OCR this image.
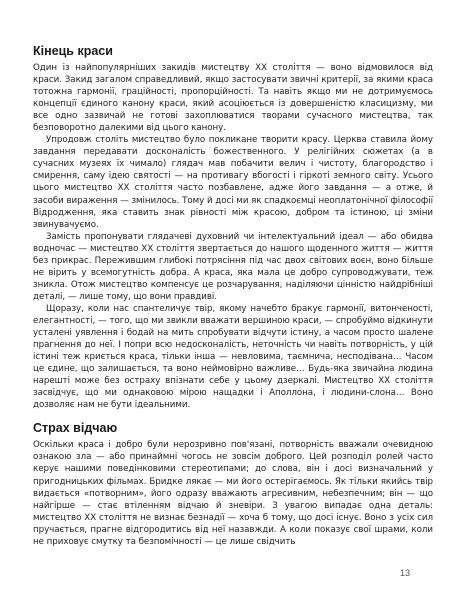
Кінець краси

Один із найпопулярніших закидів мистецтву XX століття — воно відмовилося від краси. Закид загалом справедливий, якщо застосувати звичні критерії, за якими краса тотожна гармонії, граційності, пропорційності. Та навіть якщо ми не дотримуємось концепції єдиного канону краси, який асоціюється із довершеністю класицизму, ми все одно зазвичай не готові захоплюватися творами сучасного мистецтва, так безповоротно далекими від цього канону.

Упродовж століть мистецтво було покликане творити красу. Церква ставила йому завдання передавати досконалість божественного. У релігійних сюжетах (а в сучасних музеях їх чимало) глядач мав побачити велич і чистоту, благородство і смирення, саму ідею святості — на противагу вбогості і гіркоті земного світу. Усього цього мистецтво XX століття часто позбавлене, адже його завдання — а отже, й засоби вираження — змінилось. Тому й досі ми як спадкоємці неоплатонічної філософії Відродження, яка ставить знак рівності між красою, добром та істиною, ці зміни звинувачуємо.

Замість пропонувати глядачеві духовний чи інтелектуальний ідеал — або обидва водночас — мистецтво XX століття звертається до нашого щоденного життя — життя без прикрас. Пережившим глибокі потрясіння під час двох світових воєн, воно більше не вірить у всемогутність добра. А краса, яка мала це добро супроводжувати, теж зникла. Отож мистецтво компенсує це розчарування, наділяючи цінністю найдрібніші деталі, — лише тому, що вони правдиві.

Щоразу, коли нас спантеличує твір, якому начебто бракує гармонії, витонченості, елегантності, — того, що ми звикли вважати вершиною краси, — спробуймо відкинути усталені уявлення і бодай на мить спробувати відчути істину, а часом просто шалене прагнення до неї. І попри всю недосконалість, неточність чи навіть потворність, у цій істині теж криється краса, тільки інша — невловима, таємнича, несподівана… Часом це єдине, що залишається, та воно неймовірно важливе… Будь-яка звичайна людина нарешті може без остраху впізнати себе у цьому дзеркалі. Мистецтво XX століття засвідчує, що ми однаковою мірою нащадки і Аполлона, і людини-слона… Воно дозволяє нам не бути ідеальними.

Страх відчаю

Оскільки краса і добро були нерозривно пов'язані, потворність вважали очевидною ознакою зла — або принаймні чогось не зовсім доброго. Цей розподіл ролей часто керує нашими поведінковими стереотипами; до слова, він і досі визначальний у пригодницьких фільмах. Бридке лякає — ми його остерігаємось. Як тільки якийсь твір видається «потворним», його одразу вважають агресивним, небезпечним; він — що найгірше — стає втіленням відчаю й зневіри. З увагою випадає одна деталь: мистецтво XX століття не визнає безнадії — хоча б тому, що досі існує. Воно з усіх сил пручається, прагне відгородитись від неї назавжди. А коли показує свої шрами, коли не приховує смутку та безпомічності — це лише свідчить

13
